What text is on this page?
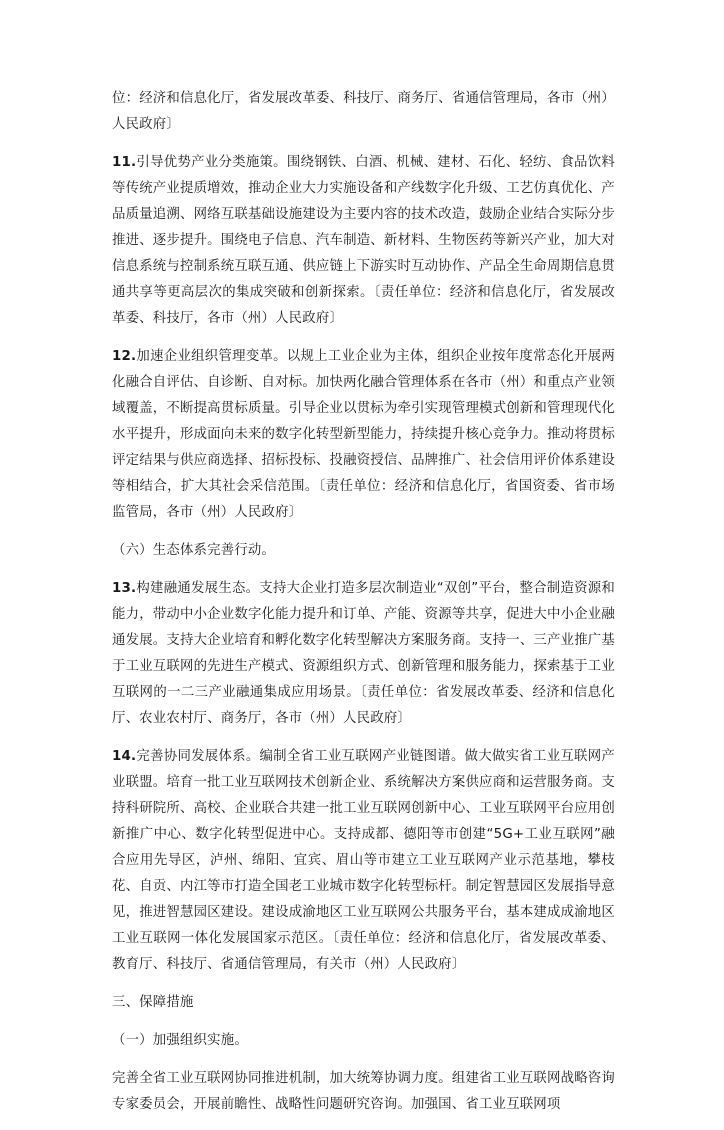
位：经济和信息化厅，省发展改革委、科技厅、商务厅、省通信管理局，各市（州）人民政府〕

11.引导优势产业分类施策。围绕钢铁、白酒、机械、建材、石化、轻纺、食品饮料等传统产业提质增效，推动企业大力实施设备和产线数字化升级、工艺仿真优化、产品质量追溯、网络互联基础设施建设为主要内容的技术改造，鼓励企业结合实际分步推进、逐步提升。围绕电子信息、汽车制造、新材料、生物医药等新兴产业，加大对信息系统与控制系统互联互通、供应链上下游实时互动协作、产品全生命周期信息贯通共享等更高层次的集成突破和创新探索。〔责任单位：经济和信息化厅，省发展改革委、科技厅，各市（州）人民政府〕

12.加速企业组织管理变革。以规上工业企业为主体，组织企业按年度常态化开展两化融合自评估、自诊断、自对标。加快两化融合管理体系在各市（州）和重点产业领域覆盖，不断提高贯标质量。引导企业以贯标为牵引实现管理模式创新和管理现代化水平提升，形成面向未来的数字化转型新型能力，持续提升核心竞争力。推动将贯标评定结果与供应商选择、招标投标、投融资授信、品牌推广、社会信用评价体系建设等相结合，扩大其社会采信范围。〔责任单位：经济和信息化厅，省国资委、省市场监管局，各市（州）人民政府〕

（六）生态体系完善行动。

13.构建融通发展生态。支持大企业打造多层次制造业“双创”平台，整合制造资源和能力，带动中小企业数字化能力提升和订单、产能、资源等共享，促进大中小企业融通发展。支持大企业培育和孵化数字化转型解决方案服务商。支持一、三产业推广基于工业互联网的先进生产模式、资源组织方式、创新管理和服务能力，探索基于工业互联网的一二三产业融通集成应用场景。〔责任单位：省发展改革委、经济和信息化厅、农业农村厅、商务厅，各市（州）人民政府〕

14.完善协同发展体系。编制全省工业互联网产业链图谱。做大做实省工业互联网产业联盟。培育一批工业互联网技术创新企业、系统解决方案供应商和运营服务商。支持科研院所、高校、企业联合共建一批工业互联网创新中心、工业互联网平台应用创新推广中心、数字化转型促进中心。支持成都、德阳等市创建“5G+工业互联网”融合应用先导区，泸州、绵阳、宜宾、眉山等市建立工业互联网产业示范基地，攀枝花、自贡、内江等市打造全国老工业城市数字化转型标杆。制定智慧园区发展指导意见，推进智慧园区建设。建设成渝地区工业互联网公共服务平台，基本建成成渝地区工业互联网一体化发展国家示范区。〔责任单位：经济和信息化厅，省发展改革委、教育厅、科技厅、省通信管理局，有关市（州）人民政府〕

三、保障措施

（一）加强组织实施。

完善全省工业互联网协同推进机制，加大统筹协调力度。组建省工业互联网战略咨询专家委员会，开展前瞻性、战略性问题研究咨询。加强国、省工业互联网项
